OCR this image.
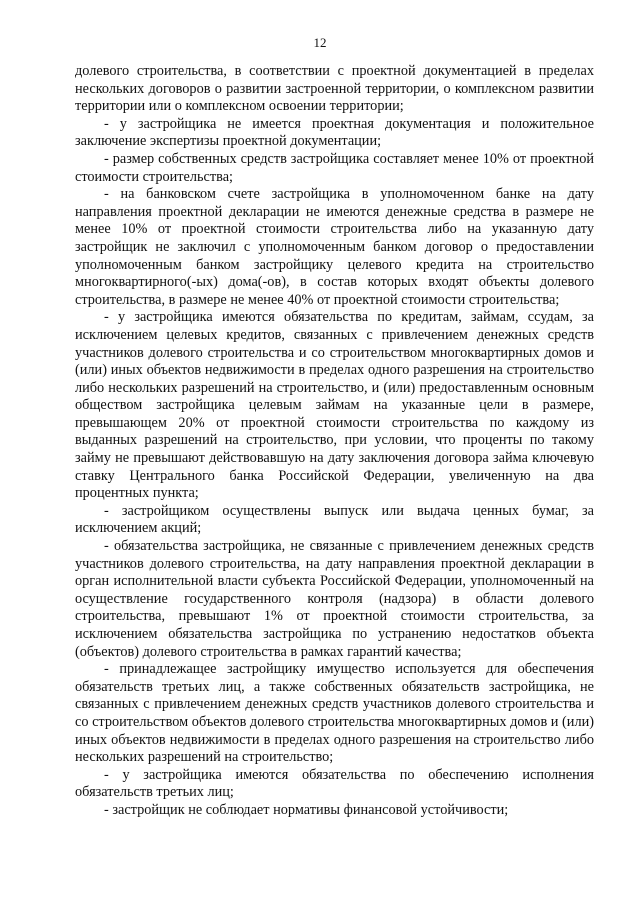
12

долевого строительства, в соответствии с проектной документацией в пределах нескольких договоров о развитии застроенной территории, о комплексном развитии территории или о комплексном освоении территории;

- у застройщика не имеется проектная документация и положительное заключение экспертизы проектной документации;

- размер собственных средств застройщика составляет менее 10% от проектной стоимости строительства;

- на банковском счете застройщика в уполномоченном банке на дату направления проектной декларации не имеются денежные средства в размере не менее 10% от проектной стоимости строительства либо на указанную дату застройщик не заключил с уполномоченным банком договор о предоставлении уполномоченным банком застройщику целевого кредита на строительство многоквартирного(-ых) дома(-ов), в состав которых входят объекты долевого строительства, в размере не менее 40% от проектной стоимости строительства;

- у застройщика имеются обязательства по кредитам, займам, ссудам, за исключением целевых кредитов, связанных с привлечением денежных средств участников долевого строительства и со строительством многоквартирных домов и (или) иных объектов недвижимости в пределах одного разрешения на строительство либо нескольких разрешений на строительство, и (или) предоставленным основным обществом застройщика целевым займам на указанные цели в размере, превышающем 20% от проектной стоимости строительства по каждому из выданных разрешений на строительство, при условии, что проценты по такому займу не превышают действовавшую на дату заключения договора займа ключевую ставку Центрального банка Российской Федерации, увеличенную на два процентных пункта;

- застройщиком осуществлены выпуск или выдача ценных бумаг, за исключением акций;

- обязательства застройщика, не связанные с привлечением денежных средств участников долевого строительства, на дату направления проектной декларации в орган исполнительной власти субъекта Российской Федерации, уполномоченный на осуществление государственного контроля (надзора) в области долевого строительства, превышают 1% от проектной стоимости строительства, за исключением обязательства застройщика по устранению недостатков объекта (объектов) долевого строительства в рамках гарантий качества;

- принадлежащее застройщику имущество используется для обеспечения обязательств третьих лиц, а также собственных обязательств застройщика, не связанных с привлечением денежных средств участников долевого строительства и со строительством объектов долевого строительства многоквартирных домов и (или) иных объектов недвижимости в пределах одного разрешения на строительство либо нескольких разрешений на строительство;

- у застройщика имеются обязательства по обеспечению исполнения обязательств третьих лиц;

- застройщик не соблюдает нормативы финансовой устойчивости;
